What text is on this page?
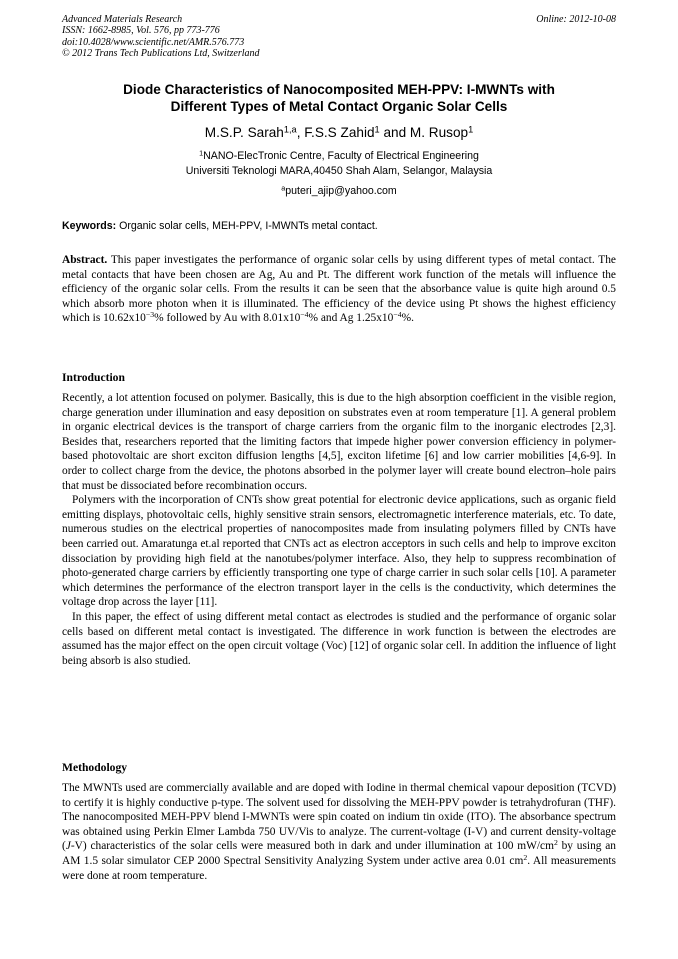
Advanced Materials Research
ISSN: 1662-8985, Vol. 576, pp 773-776
doi:10.4028/www.scientific.net/AMR.576.773
© 2012 Trans Tech Publications Ltd, Switzerland
Online: 2012-10-08
Diode Characteristics of Nanocomposited MEH-PPV: I-MWNTs with
Different Types of Metal Contact Organic Solar Cells
M.S.P. Sarah$^{1,a}$, F.S.S Zahid$^1$ and M. Rusop$^1$
$^1$NANO-ElecTronic Centre, Faculty of Electrical Engineering
Universiti Teknologi MARA,40450 Shah Alam, Selangor, Malaysia
$^a$puteri_ajip@yahoo.com
Keywords: Organic solar cells, MEH-PPV, I-MWNTs metal contact.

Abstract. This paper investigates the performance of organic solar cells by using different types of metal contact. The metal contacts that have been chosen are Ag, Au and Pt. The different work function of the metals will influence the efficiency of the organic solar cells. From the results it can be seen that the absorbance value is quite high around 0.5 which absorb more photon when it is illuminated. The efficiency of the device using Pt shows the highest efficiency which is $10.62x10^{-3}\%$ followed by Au with $8.01x10^{-4}\%$ and Ag $1.25x10^{-4}\%$.

Introduction

Recently, a lot attention focused on polymer. Basically, this is due to the high absorption coefficient in the visible region, charge generation under illumination and easy deposition on substrates even at room temperature [1]. A general problem in organic electrical devices is the transport of charge carriers from the organic film to the inorganic electrodes [2,3]. Besides that, researchers reported that the limiting factors that impede higher power conversion efficiency in polymer-based photovoltaic are short exciton diffusion lengths [4,5], exciton lifetime [6] and low carrier mobilities [4,6-9]. In order to collect charge from the device, the photons absorbed in the polymer layer will create bound electron–hole pairs that must be dissociated before recombination occurs.

Polymers with the incorporation of CNTs show great potential for electronic device applications, such as organic field emitting displays, photovoltaic cells, highly sensitive strain sensors, electromagnetic interference materials, etc. To date, numerous studies on the electrical properties of nanocomposites made from insulating polymers filled by CNTs have been carried out. Amaratunga et.al reported that CNTs act as electron acceptors in such cells and help to improve exciton dissociation by providing high field at the nanotubes/polymer interface. Also, they help to suppress recombination of photo-generated charge carriers by efficiently transporting one type of charge carrier in such solar cells [10]. A parameter which determines the performance of the electron transport layer in the cells is the conductivity, which determines the voltage drop across the layer [11].

In this paper, the effect of using different metal contact as electrodes is studied and the performance of organic solar cells based on different metal contact is investigated. The difference in work function is between the electrodes are assumed has the major effect on the open circuit voltage (Voc) [12] of organic solar cell. In addition the influence of light being absorb is also studied.

Methodology

The MWNTs used are commercially available and are doped with Iodine in thermal chemical vapour deposition (TCVD) to certify it is highly conductive p-type. The solvent used for dissolving the MEH-PPV powder is tetrahydrofuran (THF). The nanocomposited MEH-PPV blend I-MWNTs were spin coated on indium tin oxide (ITO). The absorbance spectrum was obtained using Perkin Elmer Lambda 750 UV/Vis to analyze. The current-voltage (I-V) and current density-voltage (J-V) characteristics of the solar cells were measured both in dark and under illumination at 100 $mW/cm^2$ by using an AM 1.5 solar simulator CEP 2000 Spectral Sensitivity Analyzing System under active area 0.01 $cm^2$. All measurements were done at room temperature.
